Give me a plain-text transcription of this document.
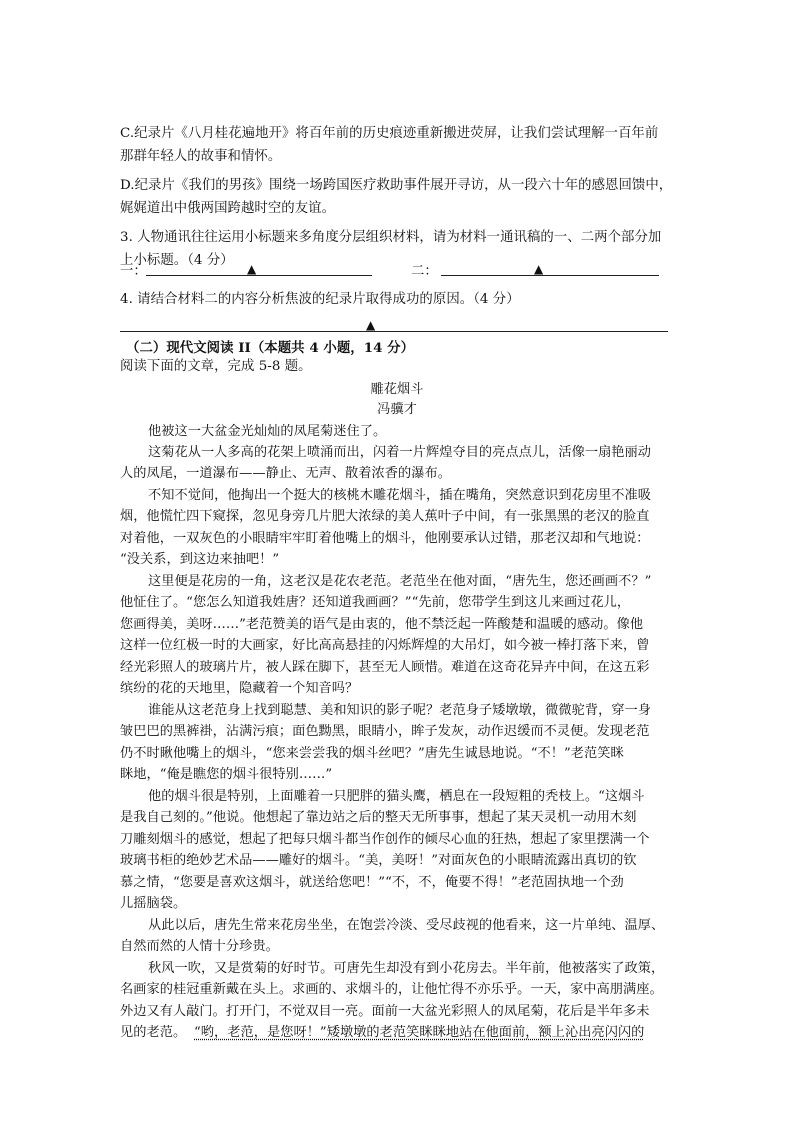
C.纪录片《八月桂花遍地开》将百年前的历史痕迹重新搬进荧屏，让我们尝试理解一百年前
那群年轻人的故事和情怀。
D.纪录片《我们的男孩》围绕一场跨国医疗救助事件展开寻访，从一段六十年的感恩回馈中，
娓娓道出中俄两国跨越时空的友谊。
3. 人物通讯往往运用小标题来多角度分层组织材料，请为材料一通讯稿的一、二两个部分加
上小标题。（4 分）
一：	▲	二：	▲
4. 请结合材料二的内容分析焦波的纪录片取得成功的原因。（4 分）
▲
（二）现代文阅读 II（本题共 4 小题，14 分）
阅读下面的文章，完成 5-8 题。
雕花烟斗
冯骥才
他被这一大盆金光灿灿的凤尾菊迷住了。
这菊花从一人多高的花架上喷涌而出，闪着一片辉煌夺目的亮点点儿，活像一扇艳丽动
人的凤尾，一道瀑布——静止、无声、散着浓香的瀑布。
不知不觉间，他掏出一个挺大的核桃木雕花烟斗，插在嘴角，突然意识到花房里不准吸
烟，他慌忙四下窥探，忽见身旁几片肥大浓绿的美人蕉叶子中间，有一张黑黑的老汉的脸直
对着他，一双灰色的小眼睛牢牢盯着他嘴上的烟斗，他刚要承认过错，那老汉却和气地说：
“没关系，到这边来抽吧！”
这里便是花房的一角，这老汉是花农老范。老范坐在他对面，“唐先生，您还画画不？”
他怔住了。“您怎么知道我姓唐？还知道我画画？”“先前，您带学生到这儿来画过花儿，
您画得美，美呀……”老范赞美的语气是由衷的，他不禁泛起一阵酸楚和温暖的感动。像他
这样一位红极一时的大画家，好比高高悬挂的闪烁辉煌的大吊灯，如今被一棒打落下来，曾
经光彩照人的玻璃片片，被人踩在脚下，甚至无人顾惜。难道在这奇花异卉中间，在这五彩
缤纷的花的天地里，隐藏着一个知音吗？
谁能从这老范身上找到聪慧、美和知识的影子呢？老范身子矮墩墩，微微驼背，穿一身
皱巴巴的黑裤褂，沾满污痕；面色黝黑，眼睛小，眸子发灰，动作迟缓而不灵便。发现老范
仍不时瞅他嘴上的烟斗，“您来尝尝我的烟斗丝吧？”唐先生诚恳地说。“不！”老范笑眯
眯地，“俺是瞧您的烟斗很特别……”
他的烟斗很是特别，上面雕着一只肥胖的猫头鹰，栖息在一段短粗的秃枝上。“这烟斗
是我自己刻的。”他说。他想起了靠边站之后的整天无所事事，想起了某天灵机一动用木刻
刀雕刻烟斗的感觉，想起了把每只烟斗都当作创作的倾尽心血的狂热，想起了家里摆满一个
玻璃书柜的绝妙艺术品——雕好的烟斗。“美，美呀！”对面灰色的小眼睛流露出真切的钦
慕之情，“您要是喜欢这烟斗，就送给您吧！”“不，不，俺要不得！”老范固执地一个劲
儿摇脑袋。
从此以后，唐先生常来花房坐坐，在饱尝冷淡、受尽歧视的他看来，这一片单纯、温厚、
自然而然的人情十分珍贵。
秋风一吹，又是赏菊的好时节。可唐先生却没有到小花房去。半年前，他被落实了政策，
名画家的桂冠重新戴在头上。求画的、求烟斗的，让他忙得不亦乐乎。一天，家中高朋满座。
外边又有人敲门。打开门，不觉双目一亮。面前一大盆光彩照人的凤尾菊，花后是半年多未
见的老范。 “哟，老范，是您呀！”矮墩墩的老范笑眯眯地站在他面前，额上沁出亮闪闪的
